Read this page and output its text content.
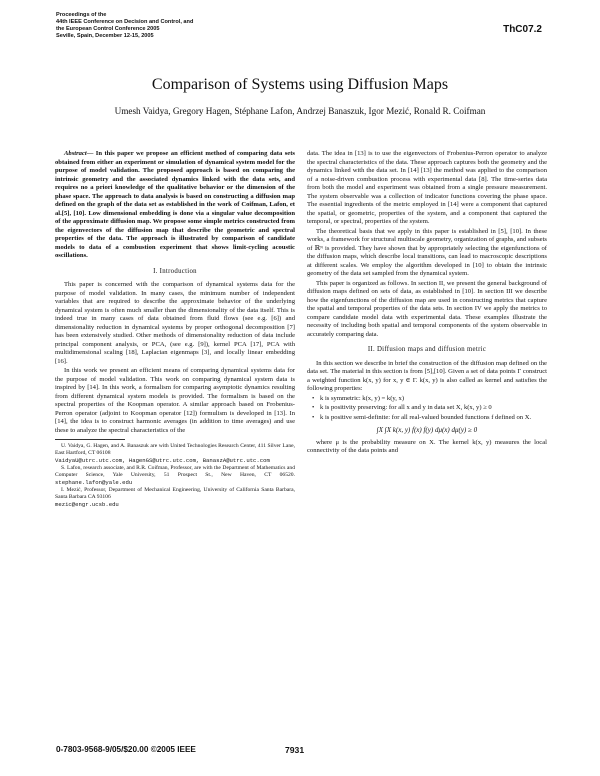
Proceedings of the
44th IEEE Conference on Decision and Control, and
the European Control Conference 2005
Seville, Spain, December 12-15, 2005
ThC07.2
Comparison of Systems using Diffusion Maps
Umesh Vaidya, Gregory Hagen, Stéphane Lafon, Andrzej Banaszuk, Igor Mezić, Ronald R. Coifman

Abstract— In this paper we propose an efficient method of comparing data sets obtained from either an experiment or simulation of dynamical system model for the purpose of model validation. The proposed approach is based on comparing the intrinsic geometry and the associated dynamics linked with the data sets, and requires no a priori knowledge of the qualitative behavior or the dimension of the phase space. The approach to data analysis is based on constructing a diffusion map defined on the graph of the data set as established in the work of Coifman, Lafon, et al.[5], [10]. Low dimensional embedding is done via a singular value decomposition of the approximate diffusion map. We propose some simple metrics constructed from the eigenvectors of the diffusion map that describe the geometric and spectral properties of the data. The approach is illustrated by comparison of candidate models to data of a combustion experiment that shows limit-cycling acoustic oscillations.

I. Introduction

This paper is concerned with the comparison of dynamical systems data for the purpose of model validation. In many cases, the minimum number of independent variables that are required to describe the approximate behavior of the underlying dynamical system is often much smaller than the dimensionality of the data itself. This is indeed true in many cases of data obtained from fluid flows (see e.g. [6]) and dimensionality reduction in dynamical systems by proper orthogonal decomposition [7] has been extensively studied. Other methods of dimensionality reduction of data include principal component analysis, or PCA, (see e.g. [9]), kernel PCA [17], PCA with multidimensional scaling [18], Laplacian eigenmaps [3], and locally linear embedding [16].

In this work we present an efficient means of comparing dynamical systems data for the purpose of model validation. This work on comparing dynamical system data is inspired by [14]. In this work, a formalism for comparing asymptotic dynamics resulting from different dynamical system models is provided. The formalism is based on the spectral properties of the Koopman operator. A similar approach based on Frobenius-Perron operator (adjoint to Koopman operator [12]) formulism is developed in [13]. In [14], the idea is to construct harmonic averages (in addition to time averages) and use these to analyze the spectral characteristics of the

U. Vaidya, G. Hagen, and A. Banaszuk are with United Technologies Research Center, 411 Silver Lane, East Hartford, CT 06108
VaidyaU@utrc.utc.com, HagenGS@utrc.utc.com, BanaszA@utrc.utc.com

S. Lafon, research associate, and R.R. Coifman, Professor, are with the Department of Mathematics and Computer Science, Yale University, 51 Prospect St., New Haven, CT 06520. stephane.lafon@yale.edu

I. Mezić, Professor, Department of Mechanical Engineering, University of California Santa Barbara, Santa Barbara CA 93106
mezic@engr.ucsb.edu

data. The idea in [13] is to use the eigenvectors of Frobenius-Perron operator to analyze the spectral characteristics of the data. These approach captures both the geometry and the dynamics linked with the data set. In [14] [13] the method was applied to the comparison of a noise-driven combustion process with experimental data [8]. The time-series data from both the model and experiment was obtained from a single pressure measurement. The system observable was a collection of indicator functions covering the phase space. The essential ingredients of the metric employed in [14] were a component that captured the spatial, or geometric, properties of the system, and a component that captured the temporal, or spectral, properties of the system.

The theoretical basis that we apply in this paper is established in [5], [10]. In these works, a framework for structural multiscale geometry, organization of graphs, and subsets of ℝᴺ is provided. They have shown that by appropriately selecting the eigenfunctions of the diffusion maps, which describe local transitions, can lead to macroscopic descriptions at different scales. We employ the algorithm developed in [10] to obtain the intrinsic geometry of the data set sampled from the dynamical system.

This paper is organized as follows. In section II, we present the general background of diffusion maps defined on sets of data, as established in [10]. In section III we describe how the eigenfunctions of the diffusion map are used in constructing metrics that capture the spatial and temporal properties of the data sets. In section IV we apply the metrics to compare candidate model data with experimental data. These examples illustrate the necessity of including both spatial and temporal components of the system observable in accurately comparing data.

II. Diffusion maps and diffusion metric

In this section we describe in brief the construction of the diffusion map defined on the data set. The material in this section is from [5],[10]. Given a set of data points Γ construct a weighted function k(x, y) for x, y ∈ Γ. k(x, y) is also called as kernel and satisfies the following properties:

• k is symmetric: k(x, y) = k(y, x)
• k is positivity preserving: for all x and y in data set X, k(x, y) ≥ 0
• k is positive semi-definite: for all real-valued bounded functions f defined on X.
∫X ∫X k(x, y) f(x) f(y) dμ(x) dμ(y) ≥ 0

where μ is the probability measure on X. The kernel k(x, y) measures the local connectivity of the data points and

0-7803-9568-9/05/$20.00 ©2005 IEEE	7931
